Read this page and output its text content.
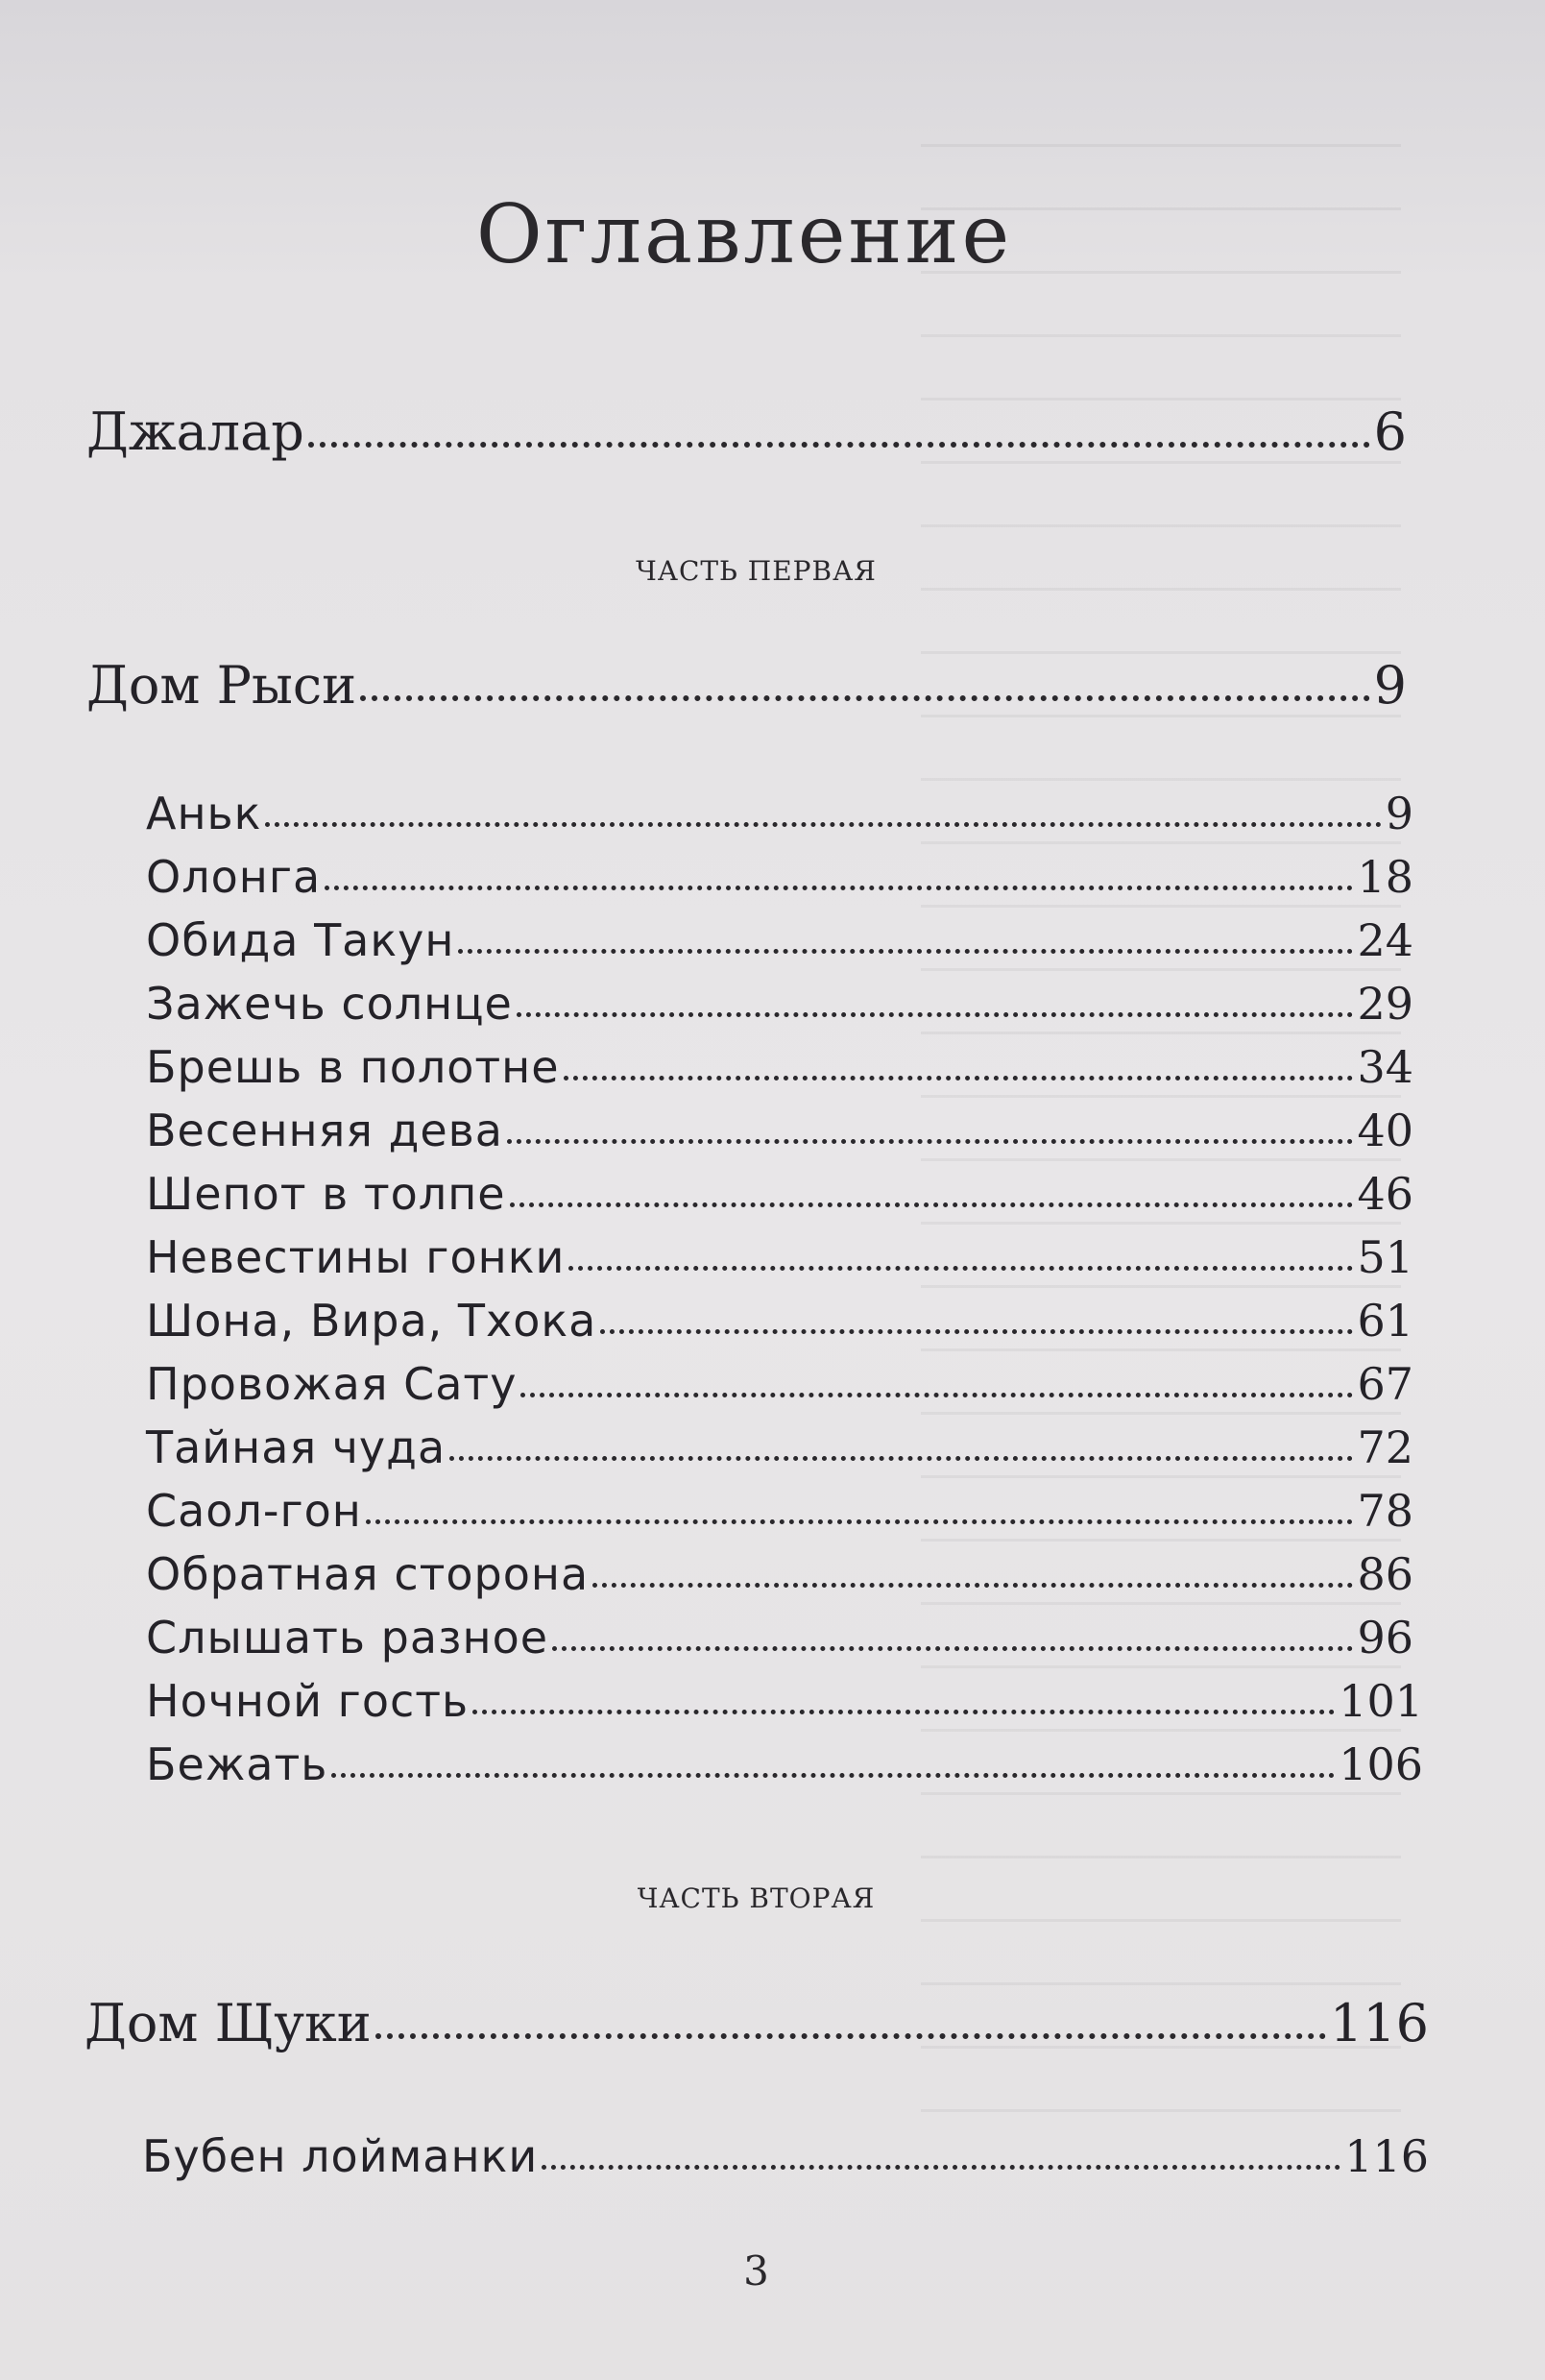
Оглавление
Джалар	6
ЧАСТЬ ПЕРВАЯ
Дом Рыси	9
Аньк	9
Олонга	18
Обида Такун	24
Зажечь солнце	29
Брешь в полотне	34
Весенняя дева	40
Шепот в толпе	46
Невестины гонки	51
Шона, Вира, Тхока	61
Провожая Сату	67
Тайная чуда	72
Саол-гон	78
Обратная сторона	86
Слышать разное	96
Ночной гость	101
Бежать	106
ЧАСТЬ ВТОРАЯ
Дом Щуки	116
Бубен лойманки	116
3
